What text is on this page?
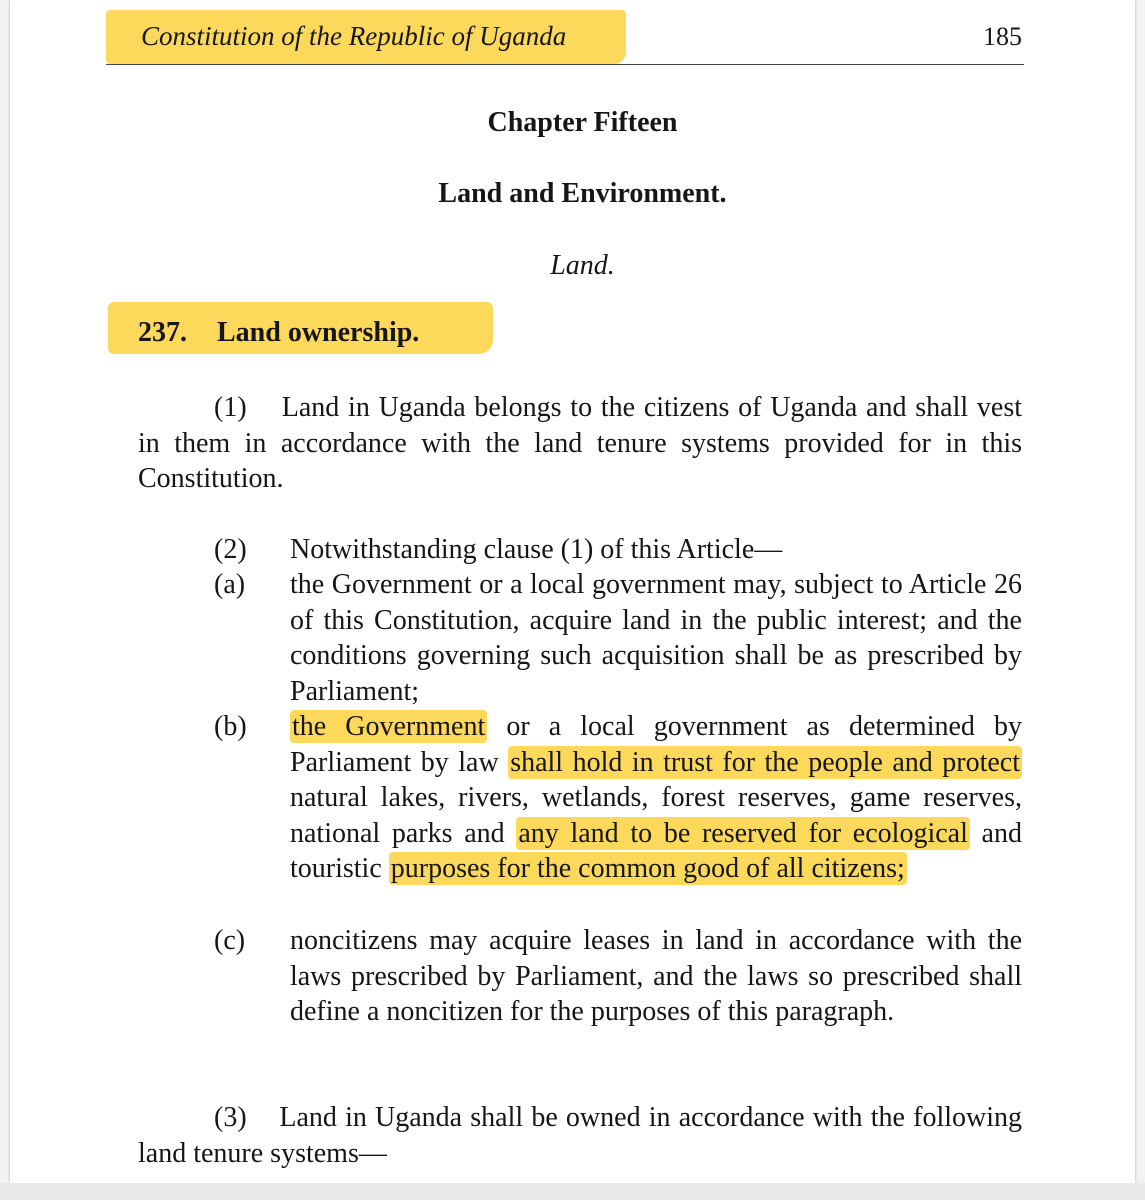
Constitution of the Republic of Uganda	185
Chapter Fifteen
Land and Environment.
Land.
237. Land ownership.
(1) Land in Uganda belongs to the citizens of Uganda and shall vest in them in accordance with the land tenure systems provided for in this Constitution.
(2) Notwithstanding clause (1) of this Article—
(a) the Government or a local government may, subject to Article 26 of this Constitution, acquire land in the public interest; and the conditions governing such acquisition shall be as prescribed by Parliament;
(b) the Government or a local government as determined by Parliament by law shall hold in trust for the people and protect natural lakes, rivers, wetlands, forest reserves, game reserves, national parks and any land to be reserved for ecological and touristic purposes for the common good of all citizens;
(c) noncitizens may acquire leases in land in accordance with the laws prescribed by Parliament, and the laws so prescribed shall define a noncitizen for the purposes of this paragraph.
(3) Land in Uganda shall be owned in accordance with the following land tenure systems—
